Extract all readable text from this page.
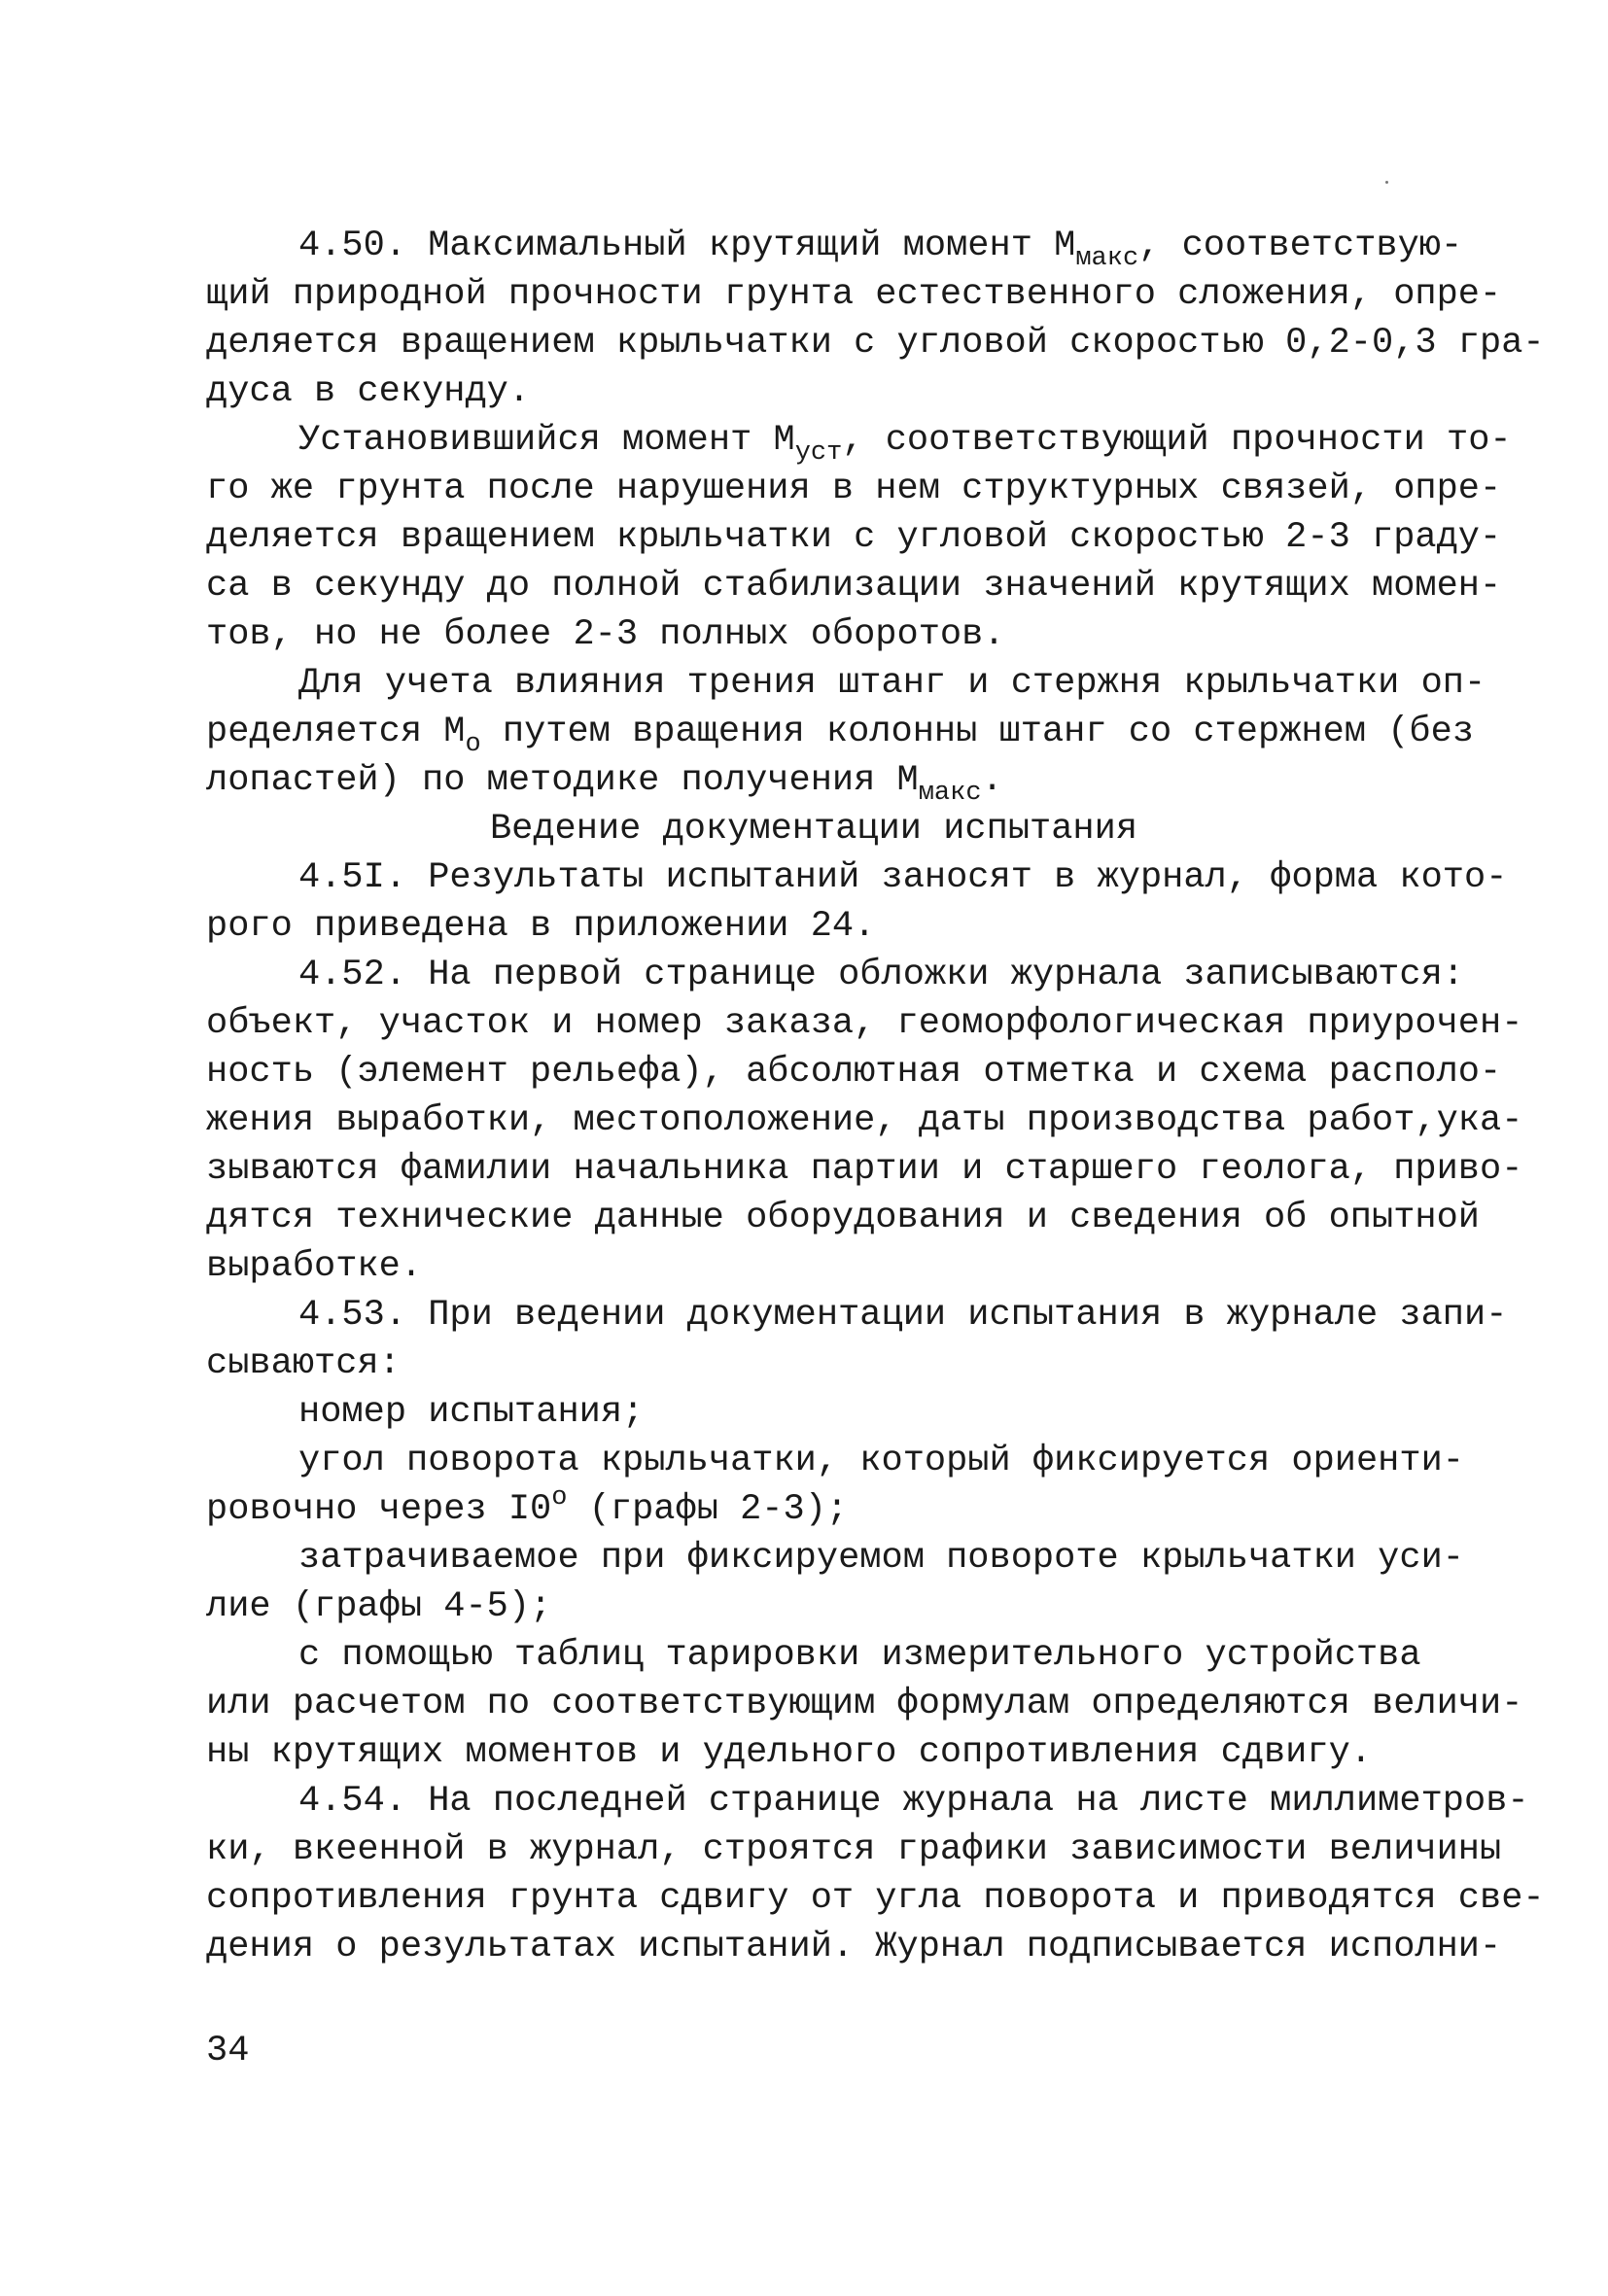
4.50. Максимальный крутящий момент $M_{макс}$, соответствую-
щий природной прочности грунта естественного сложения, опре-
деляется вращением крыльчатки с угловой скоростью 0,2-0,3 гра-
дуса в секунду.
Установившийся момент $M_{уст}$, соответствующий прочности то-
го же грунта после нарушения в нем структурных связей, опре-
деляется вращением крыльчатки с угловой скоростью 2-3 граду-
са в секунду до полной стабилизации значений крутящих момен-
тов, но не более 2-3 полных оборотов.
Для учета влияния трения штанг и стержня крыльчатки оп-
ределяется $M_o$ путем вращения колонны штанг со стержнем (без
лопастей) по методике получения $M_{макс}$.
Ведение документации испытания
4.5I. Результаты испытаний заносят в журнал, форма кото-
рого приведена в приложении 24.
4.52. На первой странице обложки журнала записываются:
объект, участок и номер заказа, геоморфологическая приурочен-
ность (элемент рельефа), абсолютная отметка и схема располо-
жения выработки, местоположение, даты производства работ,ука-
зываются фамилии начальника партии и старшего геолога, приво-
дятся технические данные оборудования и сведения об опытной
выработке.
4.53. При ведении документации испытания в журнале запи-
сываются:
номер испытания;
угол поворота крыльчатки, который фиксируется ориенти-
ровочно через I0$^o$ (графы 2-3);
затрачиваемое при фиксируемом повороте крыльчатки уси-
лие (графы 4-5);
с помощью таблиц тарировки измерительного устройства
или расчетом по соответствующим формулам определяются величи-
ны крутящих моментов и удельного сопротивления сдвигу.
4.54. На последней странице журнала на листе миллиметров-
ки, вкеенной в журнал, строятся графики зависимости величины
сопротивления грунта сдвигу от угла поворота и приводятся све-
дения о результатах испытаний. Журнал подписывается исполни-
34
